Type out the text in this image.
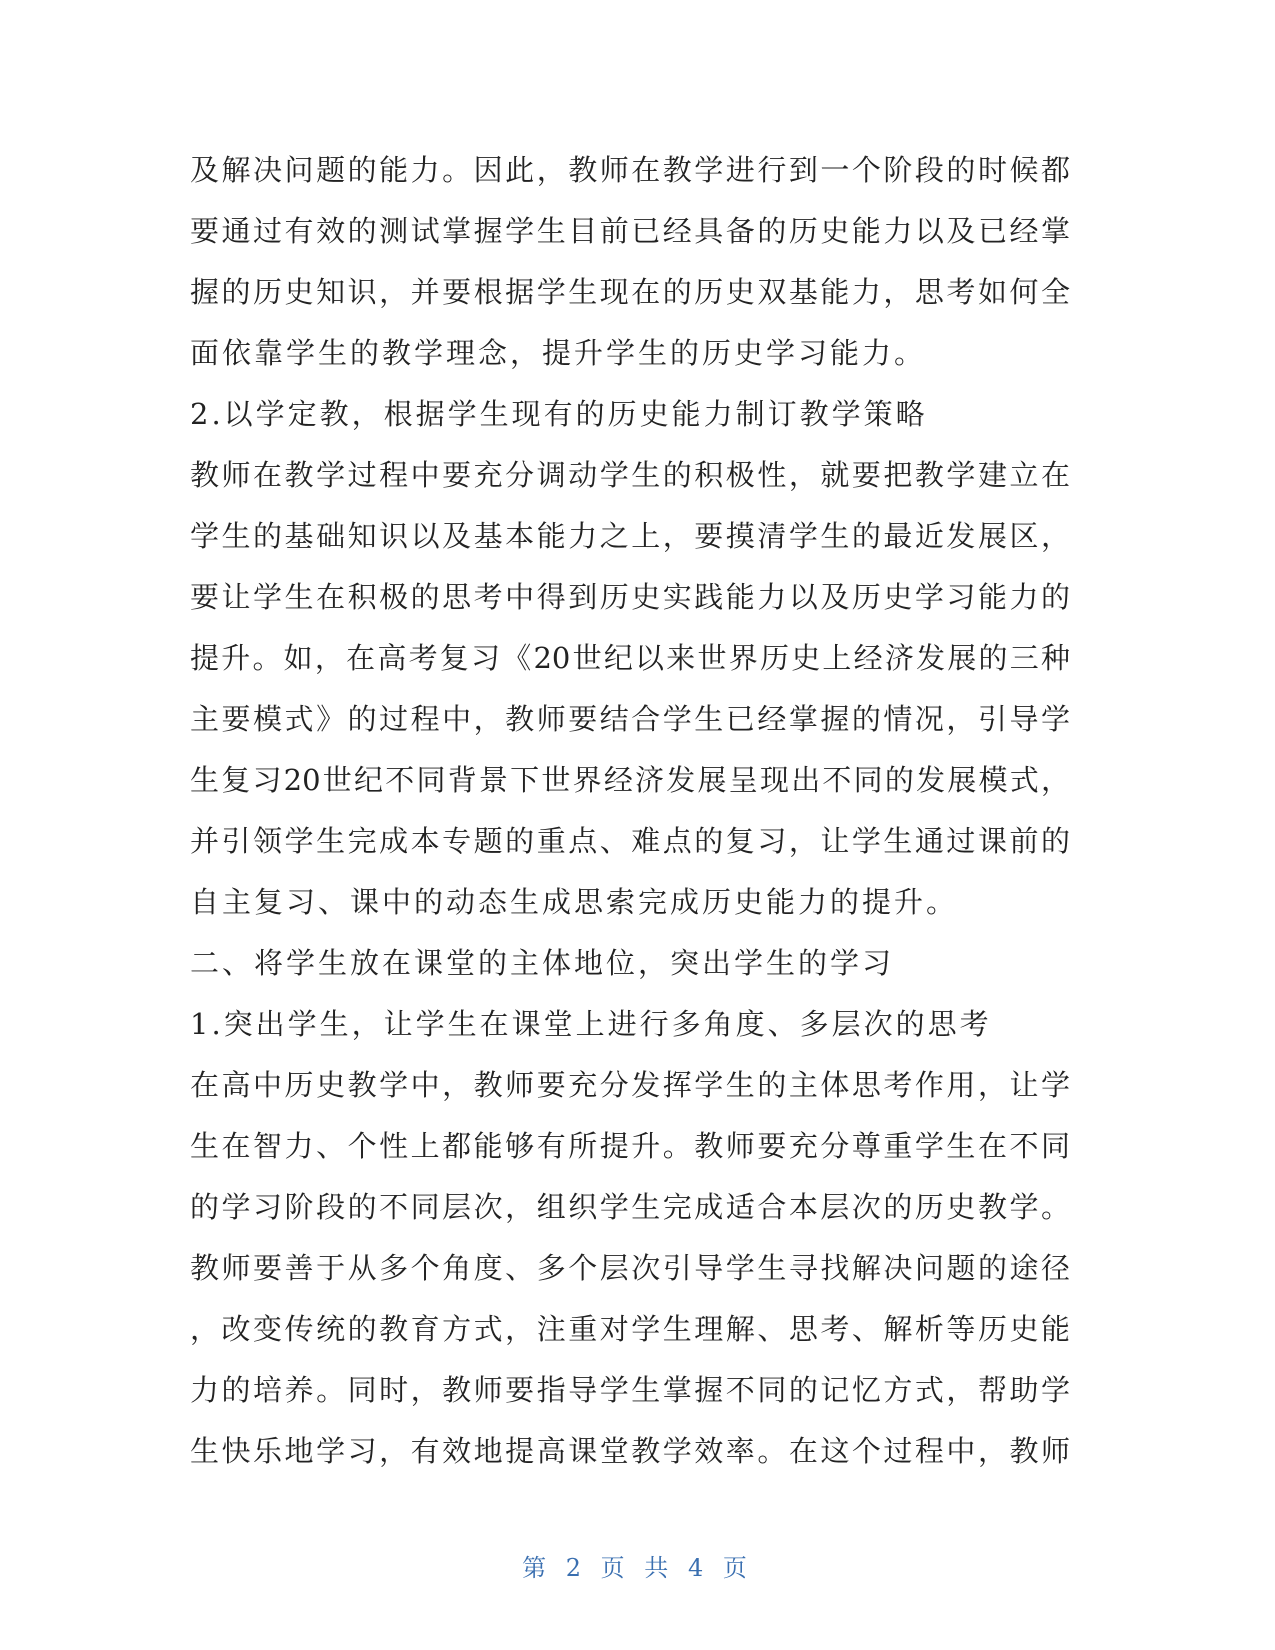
及解决问题的能力。因此，教师在教学进行到一个阶段的时候都
要通过有效的测试掌握学生目前已经具备的历史能力以及已经掌
握的历史知识，并要根据学生现在的历史双基能力，思考如何全
面依靠学生的教学理念，提升学生的历史学习能力。
2.以学定教，根据学生现有的历史能力制订教学策略
教师在教学过程中要充分调动学生的积极性，就要把教学建立在
学生的基础知识以及基本能力之上，要摸清学生的最近发展区，
要让学生在积极的思考中得到历史实践能力以及历史学习能力的
提升。如，在高考复习《20世纪以来世界历史上经济发展的三种
主要模式》的过程中，教师要结合学生已经掌握的情况，引导学
生复习20世纪不同背景下世界经济发展呈现出不同的发展模式，
并引领学生完成本专题的重点、难点的复习，让学生通过课前的
自主复习、课中的动态生成思索完成历史能力的提升。
二、将学生放在课堂的主体地位，突出学生的学习
1.突出学生，让学生在课堂上进行多角度、多层次的思考
在高中历史教学中，教师要充分发挥学生的主体思考作用，让学
生在智力、个性上都能够有所提升。教师要充分尊重学生在不同
的学习阶段的不同层次，组织学生完成适合本层次的历史教学。
教师要善于从多个角度、多个层次引导学生寻找解决问题的途径
，改变传统的教育方式，注重对学生理解、思考、解析等历史能
力的培养。同时，教师要指导学生掌握不同的记忆方式，帮助学
生快乐地学习，有效地提高课堂教学效率。在这个过程中，教师
第 2 页 共 4 页
